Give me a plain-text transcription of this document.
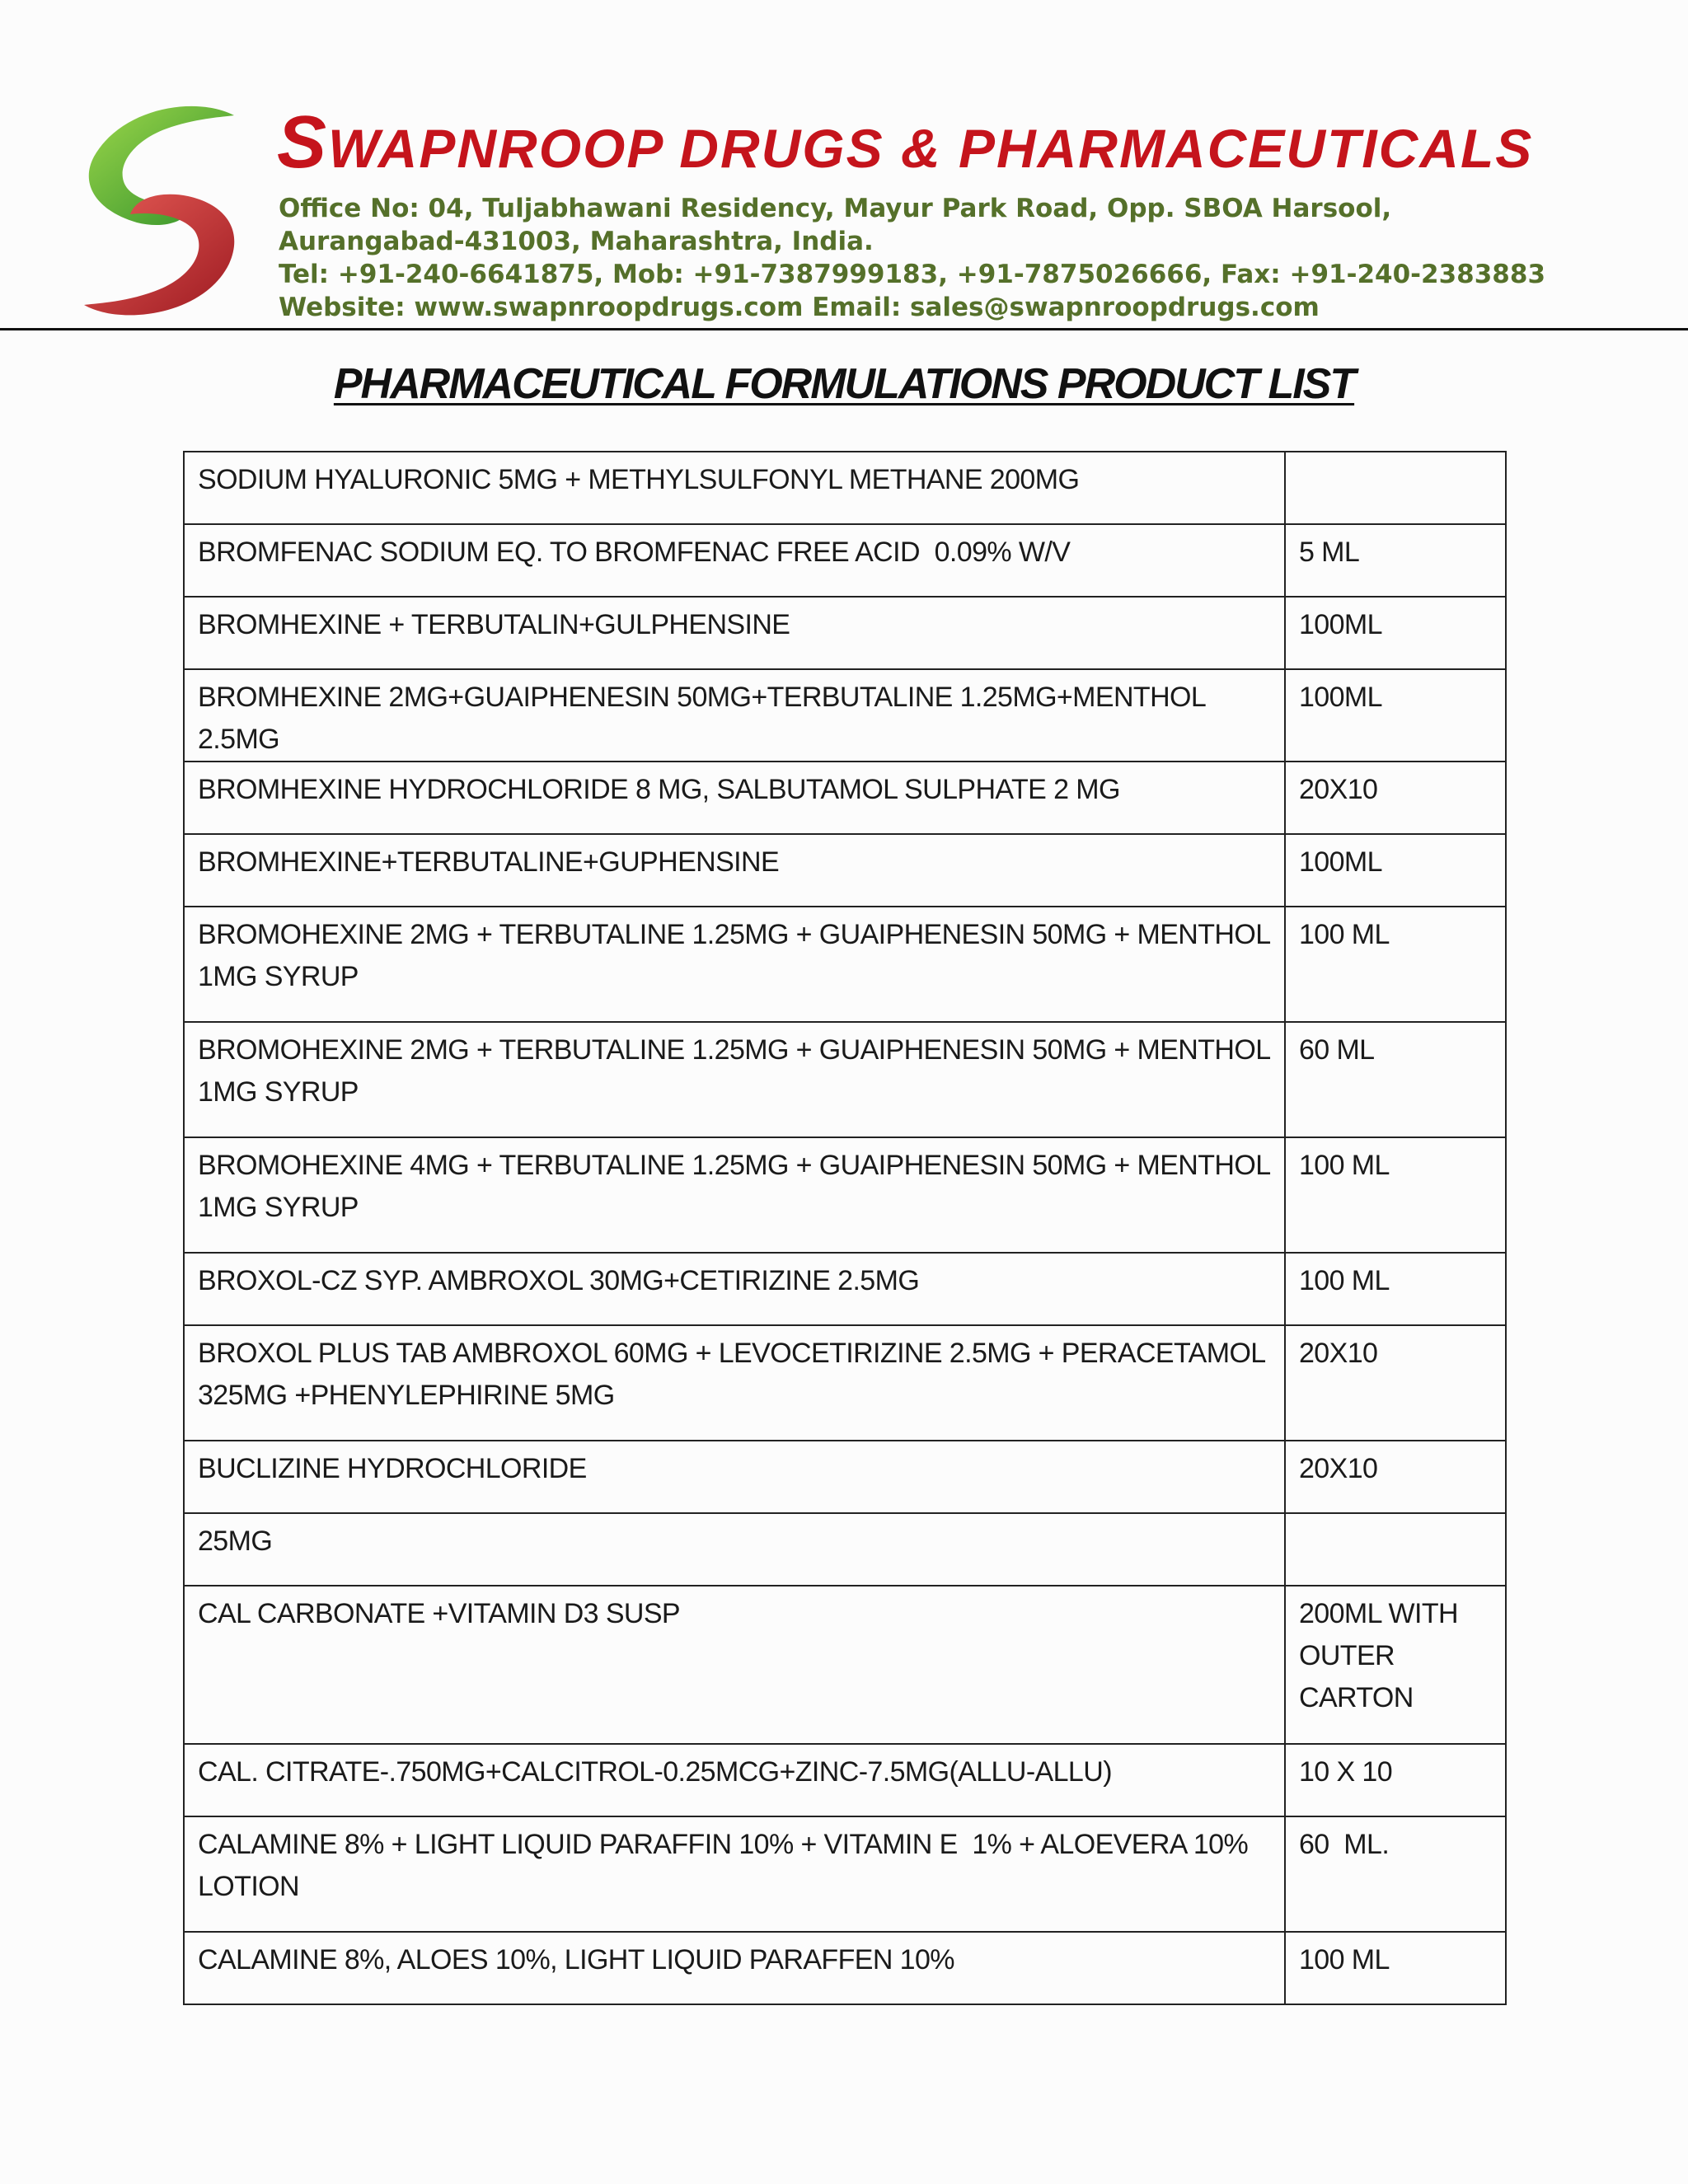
SWAPNROOP DRUGS & PHARMACEUTICALS
Office No: 04, Tuljabhawani Residency, Mayur Park Road, Opp. SBOA Harsool,
Aurangabad-431003, Maharashtra, India.
Tel: +91-240-6641875, Mob: +91-7387999183, +91-7875026666, Fax: +91-240-2383883
Website: www.swapnroopdrugs.com Email: sales@swapnroopdrugs.com
PHARMACEUTICAL FORMULATIONS PRODUCT LIST
SODIUM HYALURONIC 5MG + METHYLSULFONYL METHANE 200MG	
BROMFENAC SODIUM EQ. TO BROMFENAC FREE ACID  0.09% W/V	5 ML
BROMHEXINE + TERBUTALIN+GULPHENSINE	100ML
BROMHEXINE 2MG+GUAIPHENESIN 50MG+TERBUTALINE 1.25MG+MENTHOL 2.5MG	100ML
BROMHEXINE HYDROCHLORIDE 8 MG, SALBUTAMOL SULPHATE 2 MG	20X10
BROMHEXINE+TERBUTALINE+GUPHENSINE	100ML
BROMOHEXINE 2MG + TERBUTALINE 1.25MG + GUAIPHENESIN 50MG + MENTHOL 1MG SYRUP	100 ML
BROMOHEXINE 2MG + TERBUTALINE 1.25MG + GUAIPHENESIN 50MG + MENTHOL 1MG SYRUP	60 ML
BROMOHEXINE 4MG + TERBUTALINE 1.25MG + GUAIPHENESIN 50MG + MENTHOL 1MG SYRUP	100 ML
BROXOL-CZ SYP. AMBROXOL 30MG+CETIRIZINE 2.5MG	100 ML
BROXOL PLUS TAB AMBROXOL 60MG + LEVOCETIRIZINE 2.5MG + PERACETAMOL 325MG +PHENYLEPHIRINE 5MG	20X10
BUCLIZINE HYDROCHLORIDE	20X10
25MG	
CAL CARBONATE +VITAMIN D3 SUSP	200ML WITH OUTER CARTON
CAL. CITRATE-.750MG+CALCITROL-0.25MCG+ZINC-7.5MG(ALLU-ALLU)	10 X 10
CALAMINE 8% + LIGHT LIQUID PARAFFIN 10% + VITAMIN E  1% + ALOEVERA 10% LOTION	60  ML.
CALAMINE 8%, ALOES 10%, LIGHT LIQUID PARAFFEN 10%	100 ML
